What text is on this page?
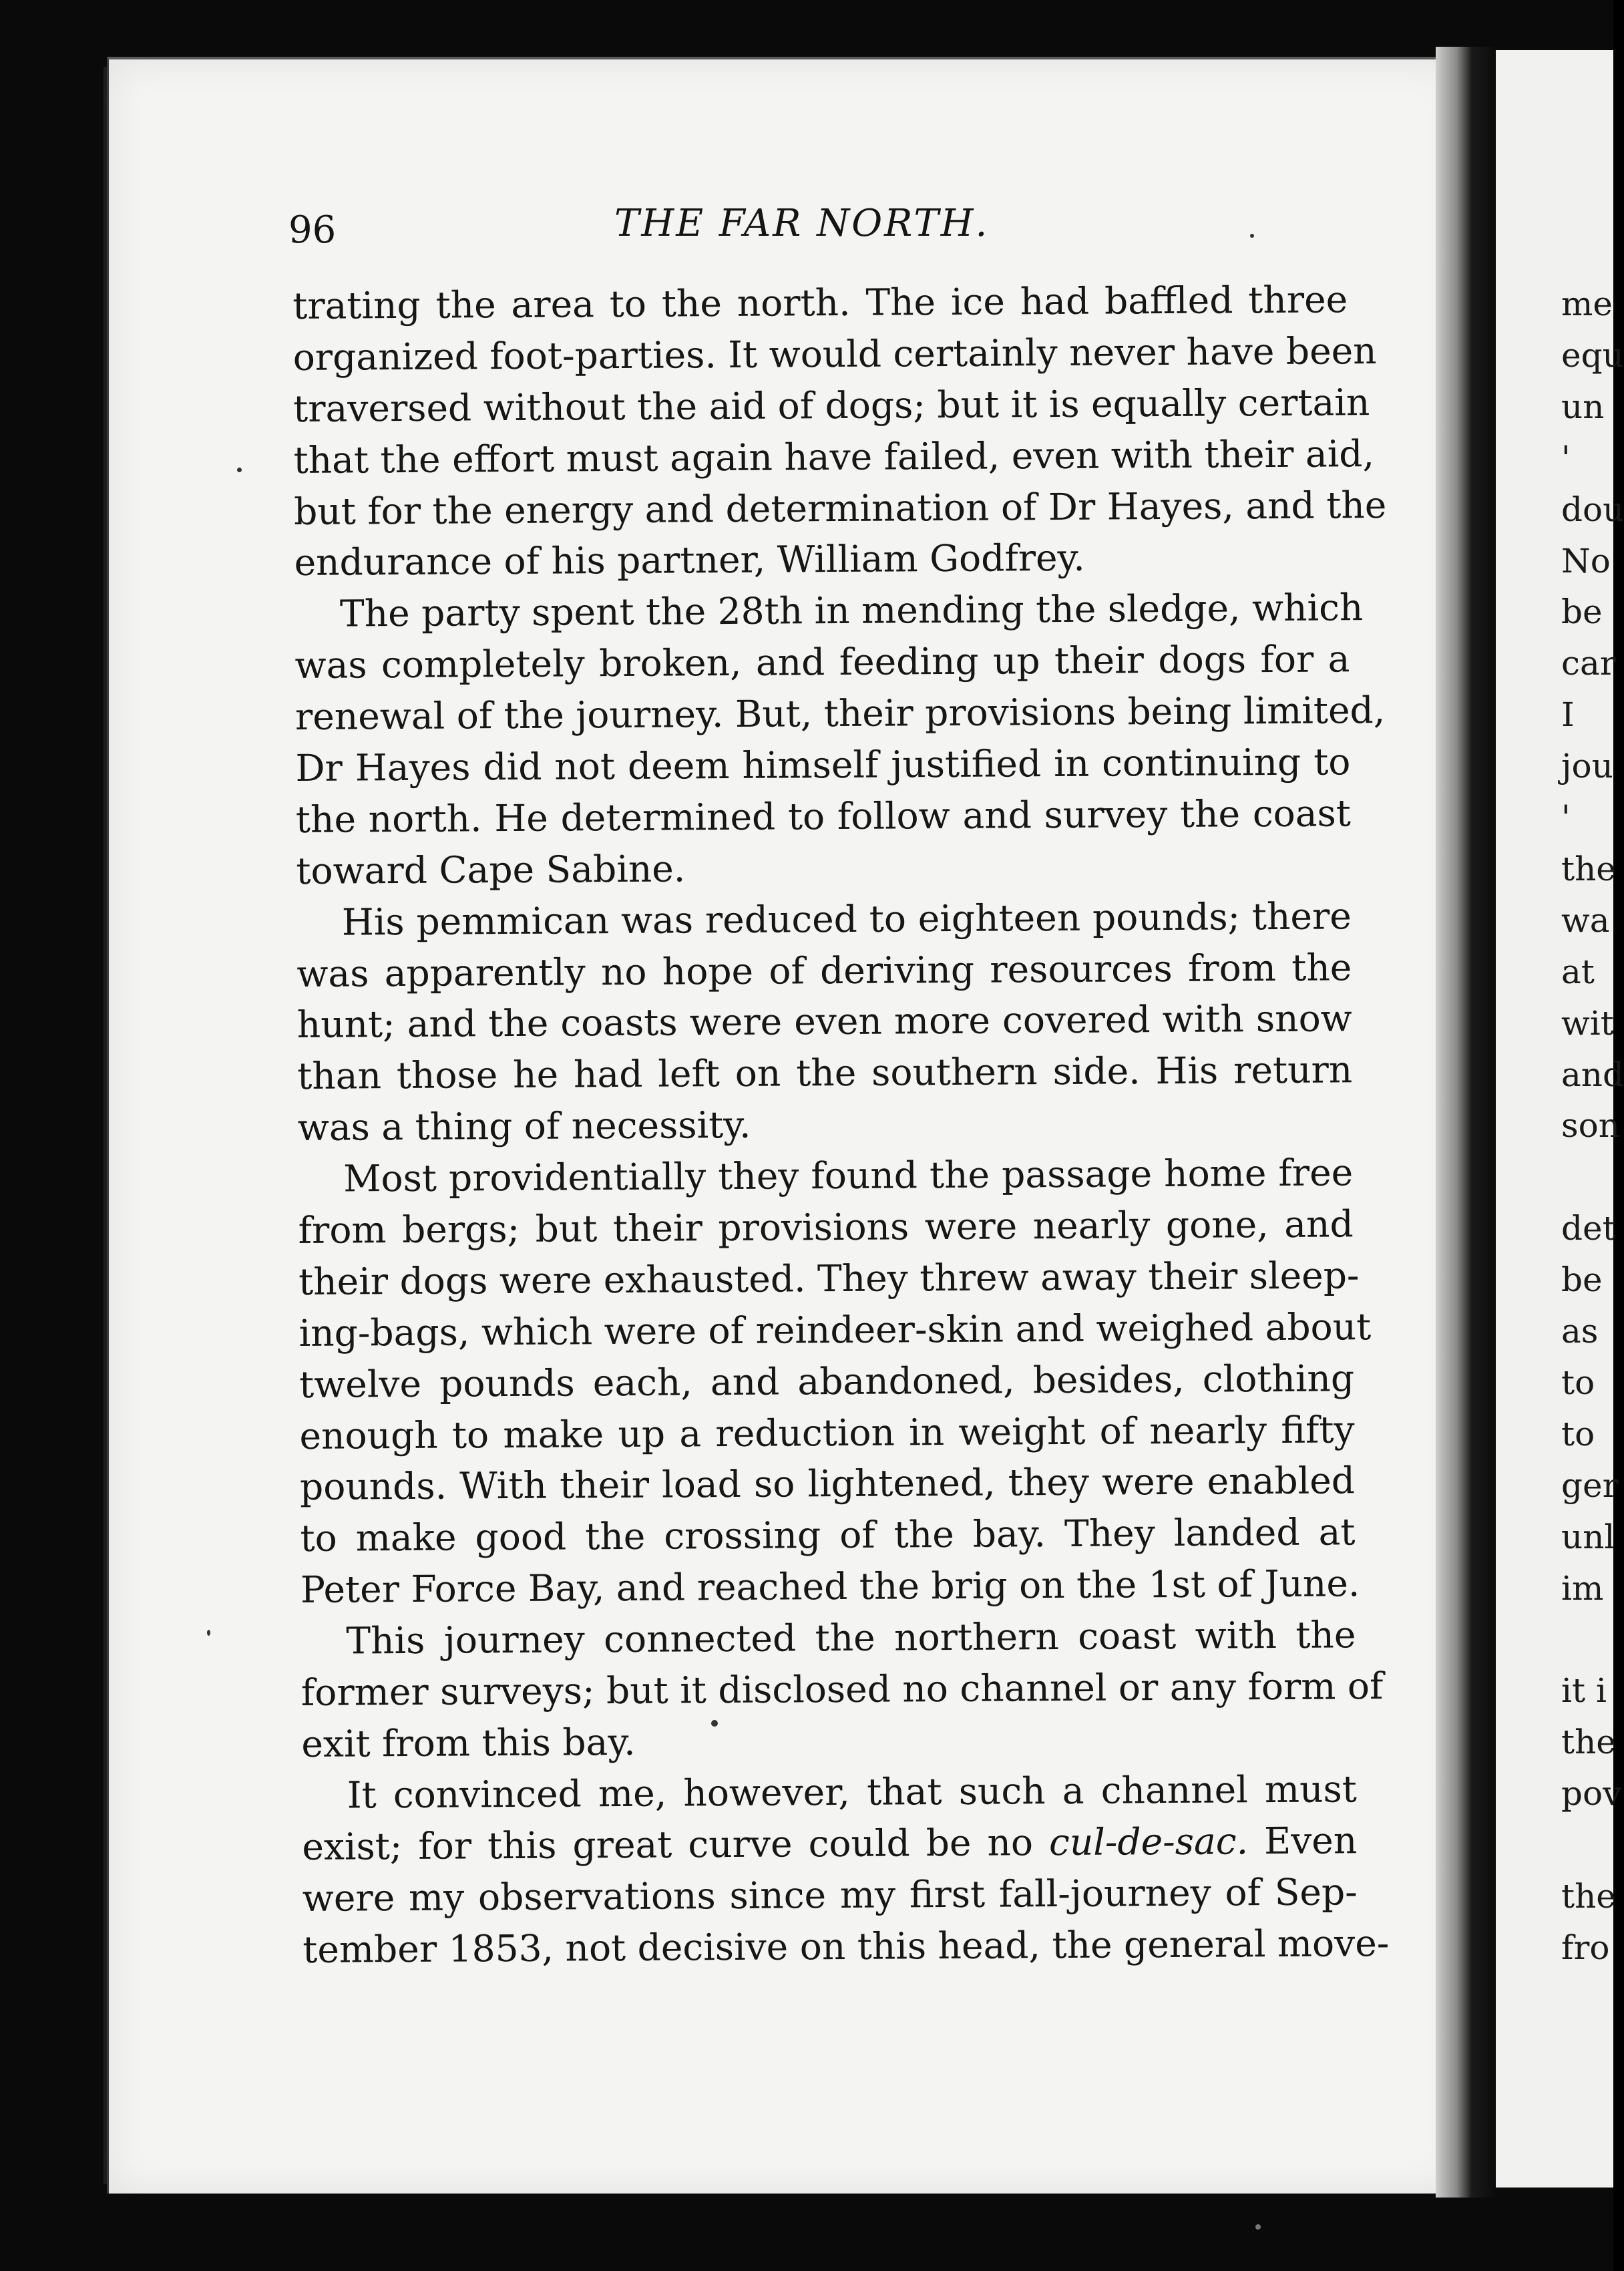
me
equ
un
'
dou
No
be
car
I
jou
'
the
wa
at
wit
and
son
det
be
as
to
to
ger
unl
im
it i
the
pov
the
fro
96	THE FAR NORTH.
trating the area to the north. The ice had baffled three
organized foot-parties. It would certainly never have been
traversed without the aid of dogs; but it is equally certain
that the effort must again have failed, even with their aid,
but for the energy and determination of Dr Hayes, and the
endurance of his partner, William Godfrey.
The party spent the 28th in mending the sledge, which
was completely broken, and feeding up their dogs for a
renewal of the journey. But, their provisions being limited,
Dr Hayes did not deem himself justified in continuing to
the north. He determined to follow and survey the coast
toward Cape Sabine.
His pemmican was reduced to eighteen pounds; there
was apparently no hope of deriving resources from the
hunt; and the coasts were even more covered with snow
than those he had left on the southern side. His return
was a thing of necessity.
Most providentially they found the passage home free
from bergs; but their provisions were nearly gone, and
their dogs were exhausted. They threw away their sleep-
ing-bags, which were of reindeer-skin and weighed about
twelve pounds each, and abandoned, besides, clothing
enough to make up a reduction in weight of nearly fifty
pounds. With their load so lightened, they were enabled
to make good the crossing of the bay. They landed at
Peter Force Bay, and reached the brig on the 1st of June.
This journey connected the northern coast with the
former surveys; but it disclosed no channel or any form of
exit from this bay.
It convinced me, however, that such a channel must
exist; for this great curve could be no cul-de-sac. Even
were my observations since my first fall-journey of Sep-
tember 1853, not decisive on this head, the general move-
